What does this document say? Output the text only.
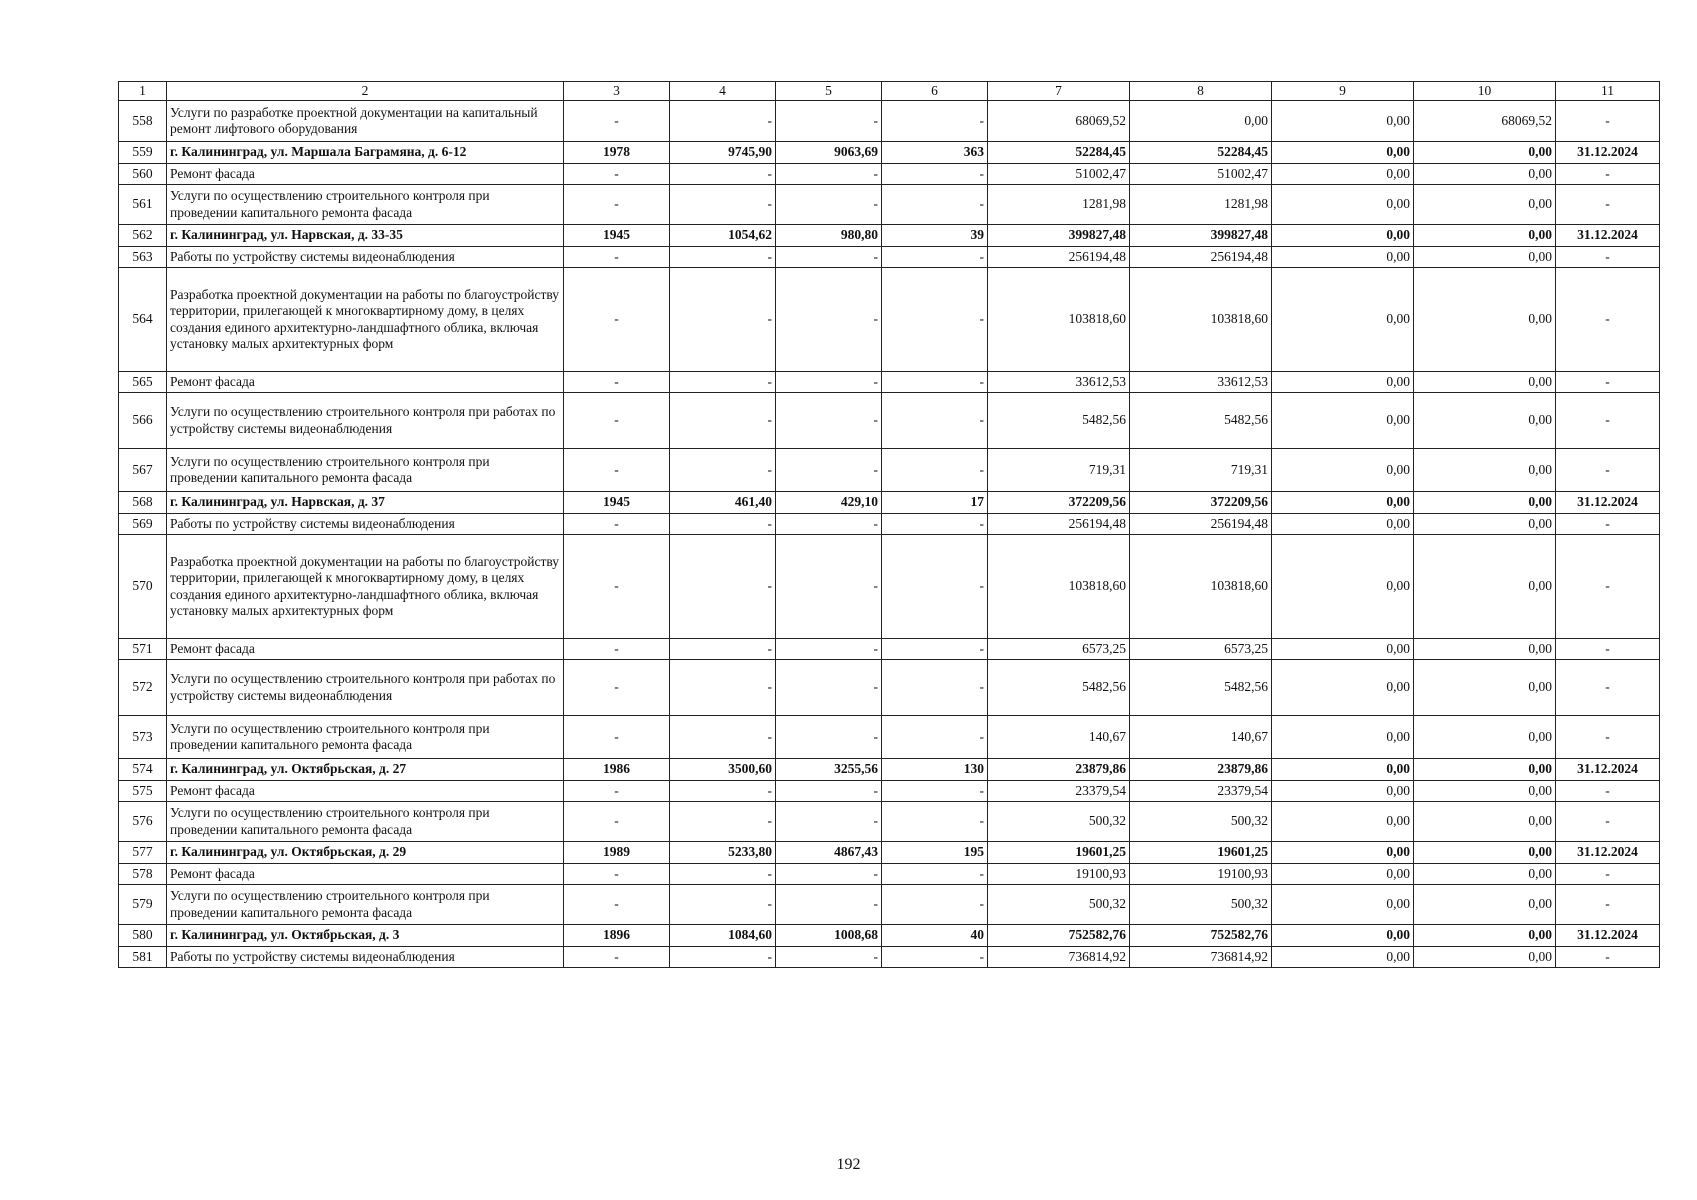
1	2	3	4	5	6	7	8	9	10	11
558	Услуги по разработке проектной документации на капитальный ремонт лифтового оборудования	-	-	-	-	68069,52	0,00	0,00	68069,52	-
559	г. Калининград, ул. Маршала Баграмяна, д. 6-12	1978	9745,90	9063,69	363	52284,45	52284,45	0,00	0,00	31.12.2024
560	Ремонт фасада	-	-	-	-	51002,47	51002,47	0,00	0,00	-
561	Услуги по осуществлению строительного контроля при проведении капитального ремонта фасада	-	-	-	-	1281,98	1281,98	0,00	0,00	-
562	г. Калининград, ул. Нарвская, д. 33-35	1945	1054,62	980,80	39	399827,48	399827,48	0,00	0,00	31.12.2024
563	Работы по устройству системы видеонаблюдения	-	-	-	-	256194,48	256194,48	0,00	0,00	-
564	Разработка проектной документации на работы по благоустройству территории, прилегающей к многоквартирному дому, в целях создания единого архитектурно-ландшафтного облика, включая установку малых архитектурных форм	-	-	-	-	103818,60	103818,60	0,00	0,00	-
565	Ремонт фасада	-	-	-	-	33612,53	33612,53	0,00	0,00	-
566	Услуги по осуществлению строительного контроля при работах по устройству системы видеонаблюдения	-	-	-	-	5482,56	5482,56	0,00	0,00	-
567	Услуги по осуществлению строительного контроля при проведении капитального ремонта фасада	-	-	-	-	719,31	719,31	0,00	0,00	-
568	г. Калининград, ул. Нарвская, д. 37	1945	461,40	429,10	17	372209,56	372209,56	0,00	0,00	31.12.2024
569	Работы по устройству системы видеонаблюдения	-	-	-	-	256194,48	256194,48	0,00	0,00	-
570	Разработка проектной документации на работы по благоустройству территории, прилегающей к многоквартирному дому, в целях создания единого архитектурно-ландшафтного облика, включая установку малых архитектурных форм	-	-	-	-	103818,60	103818,60	0,00	0,00	-
571	Ремонт фасада	-	-	-	-	6573,25	6573,25	0,00	0,00	-
572	Услуги по осуществлению строительного контроля при работах по устройству системы видеонаблюдения	-	-	-	-	5482,56	5482,56	0,00	0,00	-
573	Услуги по осуществлению строительного контроля при проведении капитального ремонта фасада	-	-	-	-	140,67	140,67	0,00	0,00	-
574	г. Калининград, ул. Октябрьская, д. 27	1986	3500,60	3255,56	130	23879,86	23879,86	0,00	0,00	31.12.2024
575	Ремонт фасада	-	-	-	-	23379,54	23379,54	0,00	0,00	-
576	Услуги по осуществлению строительного контроля при проведении капитального ремонта фасада	-	-	-	-	500,32	500,32	0,00	0,00	-
577	г. Калининград, ул. Октябрьская, д. 29	1989	5233,80	4867,43	195	19601,25	19601,25	0,00	0,00	31.12.2024
578	Ремонт фасада	-	-	-	-	19100,93	19100,93	0,00	0,00	-
579	Услуги по осуществлению строительного контроля при проведении капитального ремонта фасада	-	-	-	-	500,32	500,32	0,00	0,00	-
580	г. Калининград, ул. Октябрьская, д. 3	1896	1084,60	1008,68	40	752582,76	752582,76	0,00	0,00	31.12.2024
581	Работы по устройству системы видеонаблюдения	-	-	-	-	736814,92	736814,92	0,00	0,00	-
192
